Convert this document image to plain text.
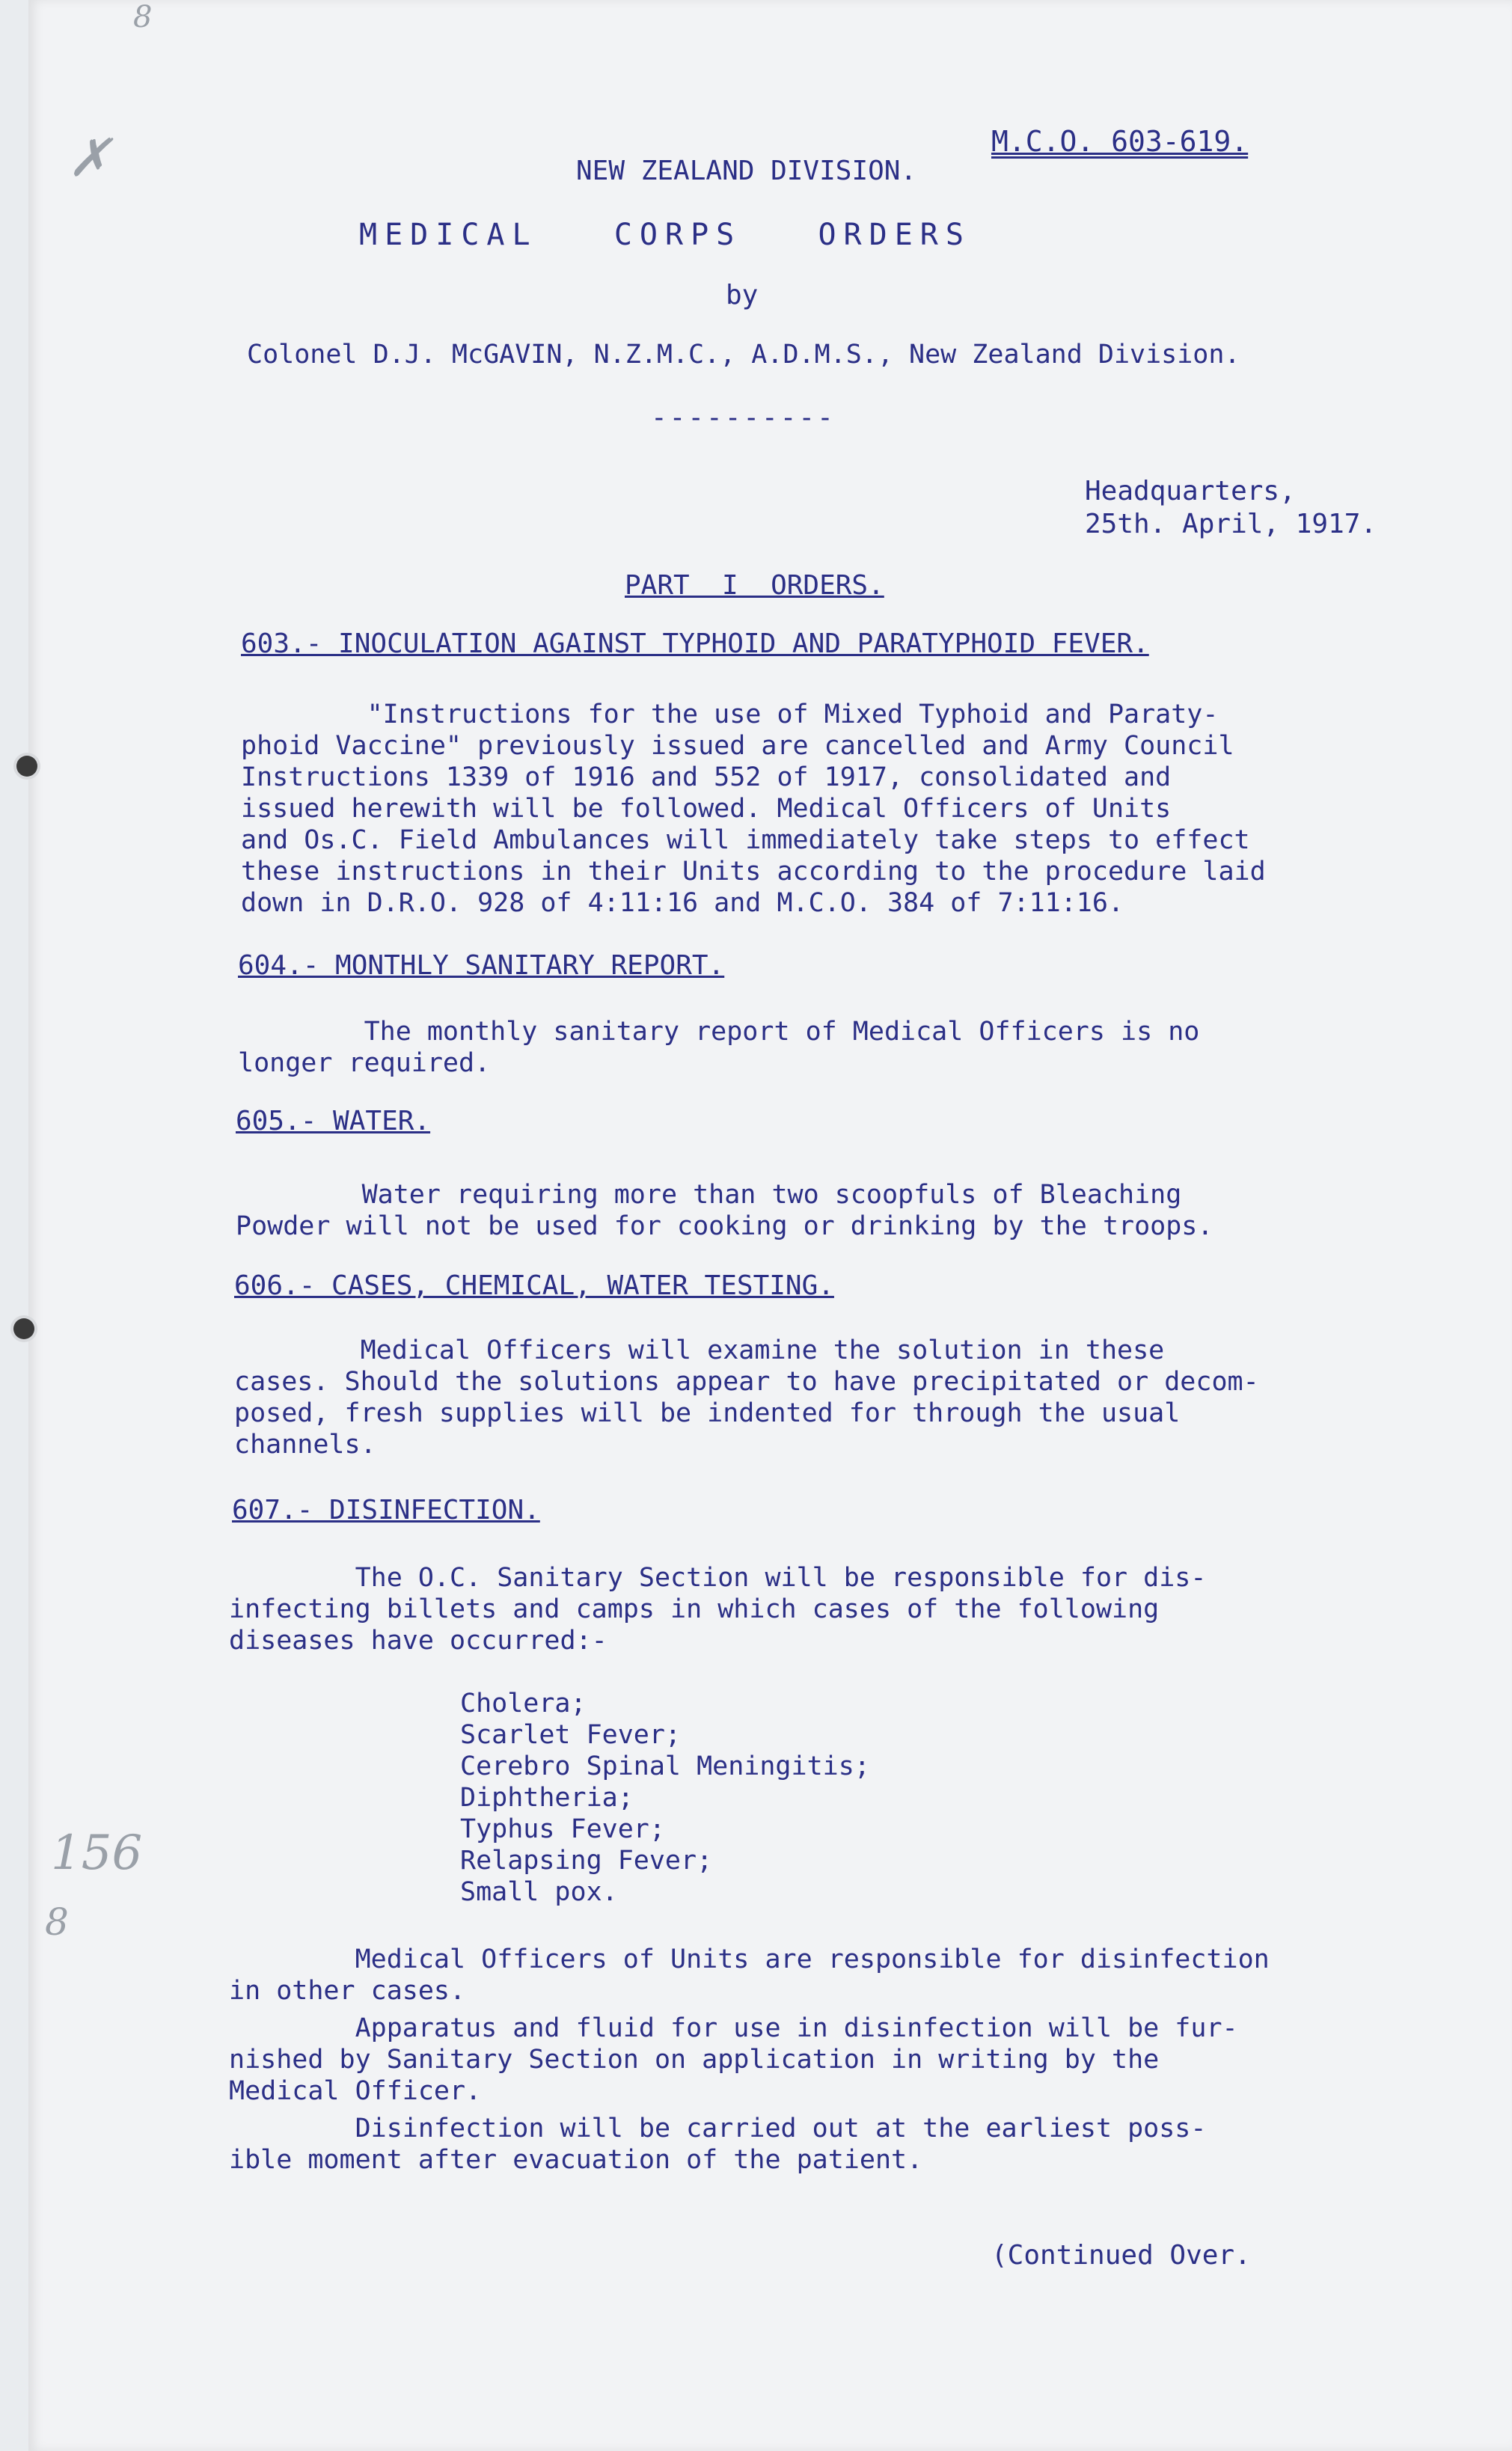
✗
8
156
8
M.C.O. 603-619.
NEW ZEALAND DIVISION.
MEDICAL   CORPS   ORDERS
by
Colonel D.J. McGAVIN, N.Z.M.C., A.D.M.S., New Zealand Division.
----------
Headquarters,
25th. April, 1917.
PART  I  ORDERS.
603.- INOCULATION AGAINST TYPHOID AND PARATYPHOID FEVER.
"Instructions for the use of Mixed Typhoid and Paraty-
phoid Vaccine" previously issued are cancelled and Army Council
Instructions 1339 of 1916 and 552 of 1917, consolidated and
issued herewith will be followed. Medical Officers of Units
and Os.C. Field Ambulances will immediately take steps to effect
these instructions in their Units according to the procedure laid
down in D.R.O. 928 of 4:11:16 and M.C.O. 384 of 7:11:16.
604.- MONTHLY SANITARY REPORT.
The monthly sanitary report of Medical Officers is no
longer required.
605.- WATER.
Water requiring more than two scoopfuls of Bleaching
Powder will not be used for cooking or drinking by the troops.
606.- CASES, CHEMICAL, WATER TESTING.
Medical Officers will examine the solution in these
cases. Should the solutions appear to have precipitated or decom-
posed, fresh supplies will be indented for through the usual
channels.
607.- DISINFECTION.
The O.C. Sanitary Section will be responsible for dis-
infecting billets and camps in which cases of the following
diseases have occurred:-
Cholera;
Scarlet Fever;
Cerebro Spinal Meningitis;
Diphtheria;
Typhus Fever;
Relapsing Fever;
Small pox.
Medical Officers of Units are responsible for disinfection
in other cases.
Apparatus and fluid for use in disinfection will be fur-
nished by Sanitary Section on application in writing by the
Medical Officer.
Disinfection will be carried out at the earliest poss-
ible moment after evacuation of the patient.
(Continued Over.
